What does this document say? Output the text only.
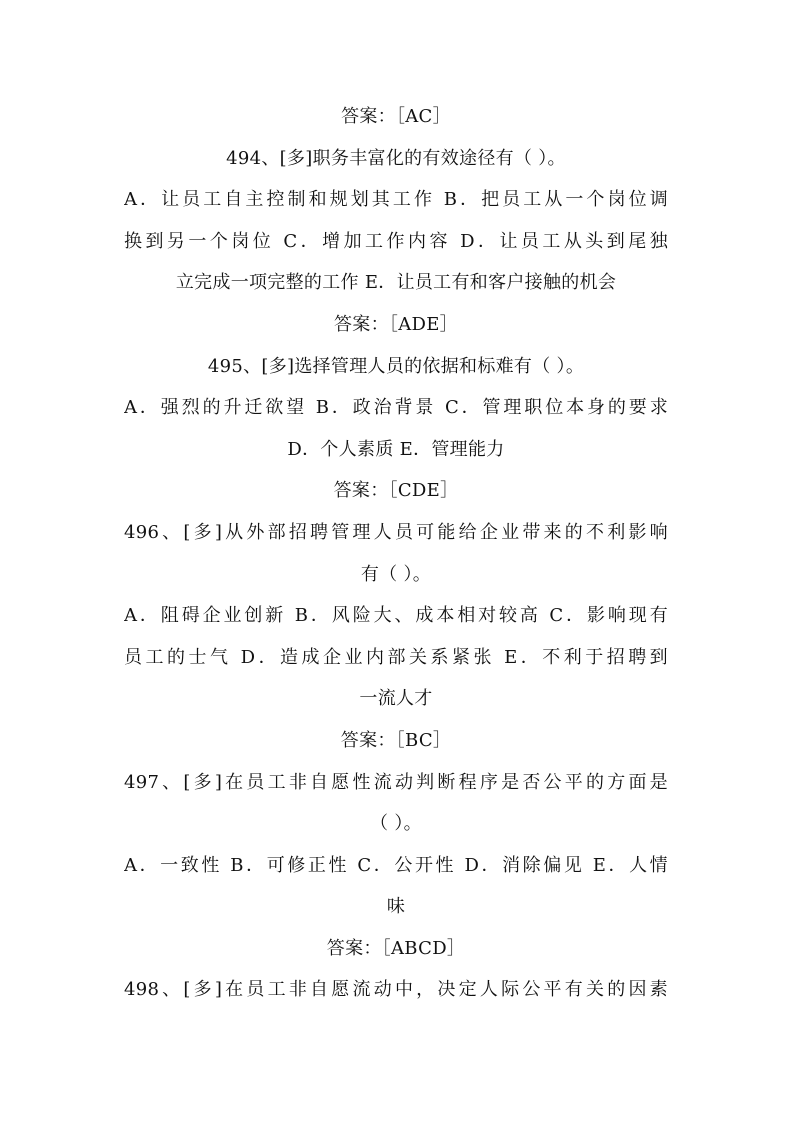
答案：［AC］
494、[多]职务丰富化的有效途径有（ ）。
A．让员工自主控制和规划其工作 B．把员工从一个岗位调
换到另一个岗位 C．增加工作内容 D．让员工从头到尾独
立完成一项完整的工作 E．让员工有和客户接触的机会
答案：［ADE］
495、[多]选择管理人员的依据和标难有（ ）。
A．强烈的升迁欲望 B．政治背景 C．管理职位本身的要求
D．个人素质 E．管理能力
答案：［CDE］
496、[多]从外部招聘管理人员可能给企业带来的不利影响
有（ ）。
A．阻碍企业创新 B．风险大、成本相对较高 C．影响现有
员工的士气 D．造成企业内部关系紧张 E．不利于招聘到
一流人才
答案：［BC］
497、[多]在员工非自愿性流动判断程序是否公平的方面是
（ ）。
A．一致性 B．可修正性 C．公开性 D．消除偏见 E．人情
味
答案：［ABCD］
498、[多]在员工非自愿流动中，决定人际公平有关的因素
